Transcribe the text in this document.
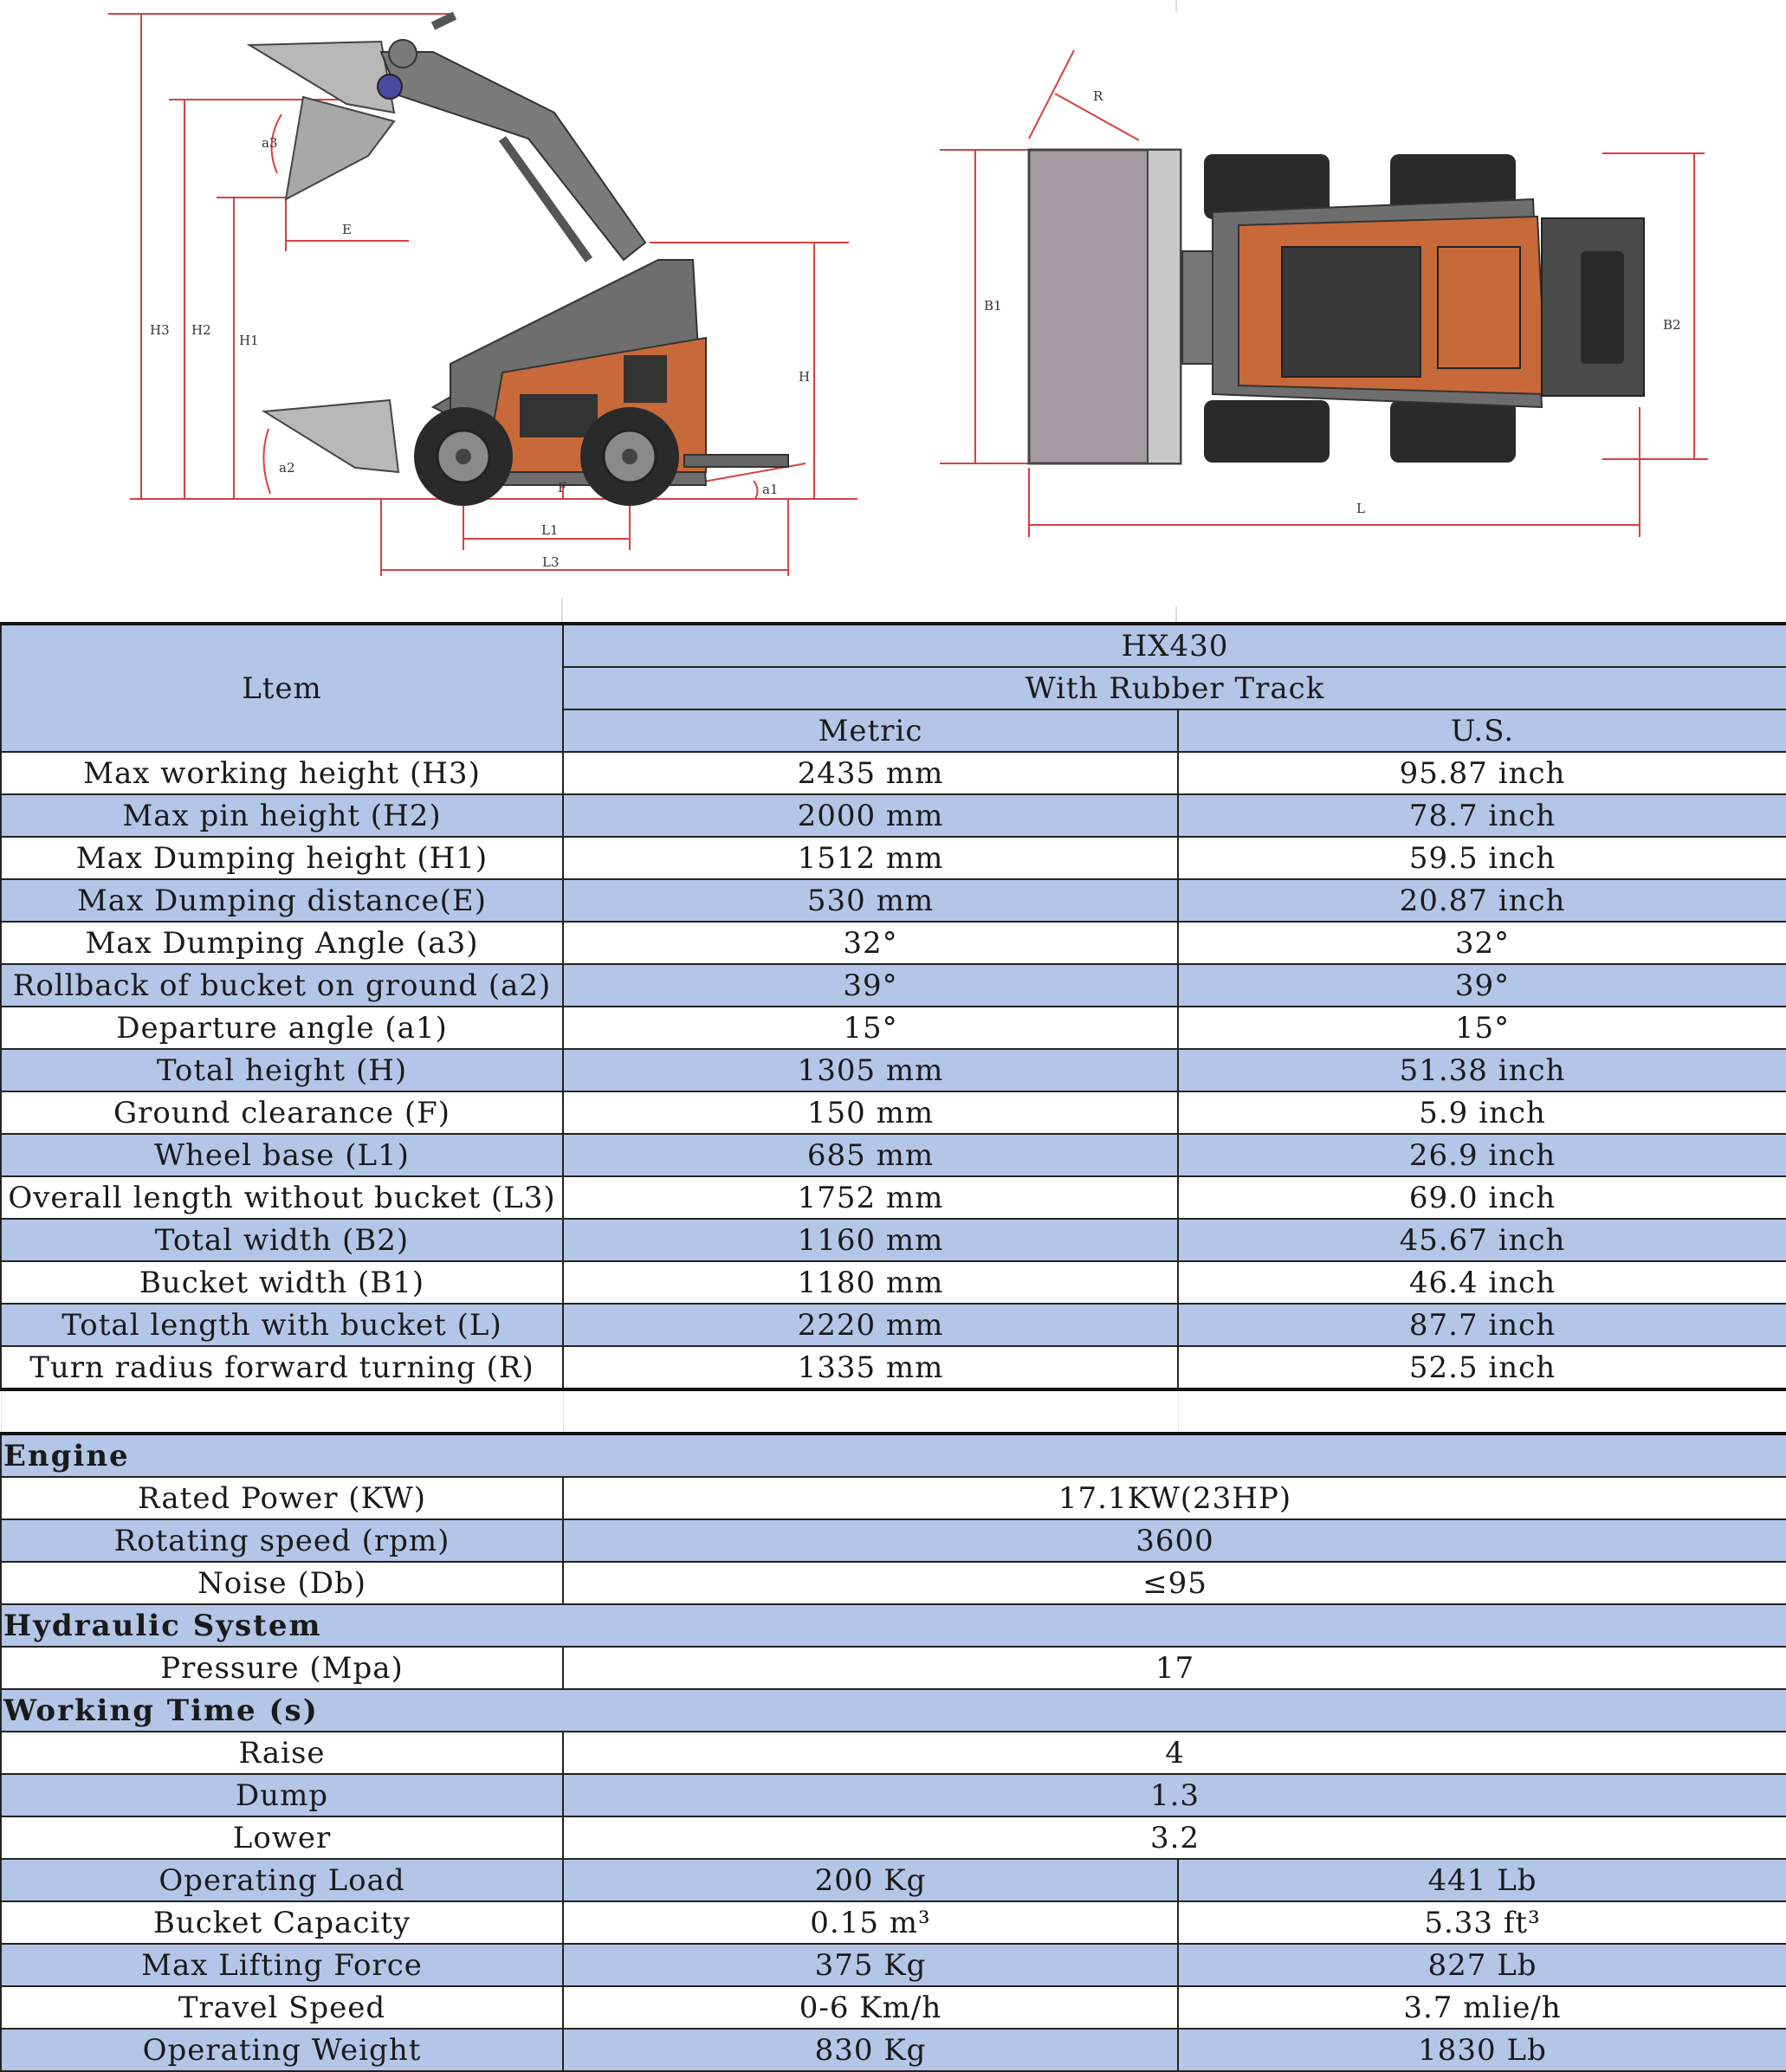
H3 H2
H1
a3
E
H
a2
F	a1
L1
L3
R
B1
B2
L
Ltem	HX430	
	With Rubber Track	
	Metric	U.S.
Max working height (H3)	2435 mm	95.87 inch
Max pin height (H2)	2000 mm	78.7 inch
Max Dumping height (H1)	1512 mm	59.5 inch
Max Dumping distance(E)	530 mm	20.87 inch
Max Dumping Angle (a3)	32°	32°
Rollback of bucket on ground (a2)	39°	39°
Departure angle (a1)	15°	15°
Total height (H)	1305 mm	51.38 inch
Ground clearance (F)	150 mm	5.9 inch
Wheel base (L1)	685 mm	26.9 inch
Overall length without bucket (L3)	1752 mm	69.0 inch
Total width (B2)	1160 mm	45.67 inch
Bucket width (B1)	1180 mm	46.4 inch
Total length with bucket (L)	2220 mm	87.7 inch
Turn radius forward turning (R)	1335 mm	52.5 inch

Engine		
Rated Power (KW)	17.1KW(23HP)	
Rotating speed (rpm)	3600	
Noise (Db)	≤95	
Hydraulic System		
Pressure (Mpa)	17	
Working Time (s)		
Raise	4	
Dump	1.3	
Lower	3.2	
Operating Load	200 Kg	441 Lb
Bucket Capacity	0.15 m³	5.33 ft³
Max Lifting Force	375 Kg	827 Lb
Travel Speed	0-6 Km/h	3.7 mlie/h
Operating Weight	830 Kg	1830 Lb
